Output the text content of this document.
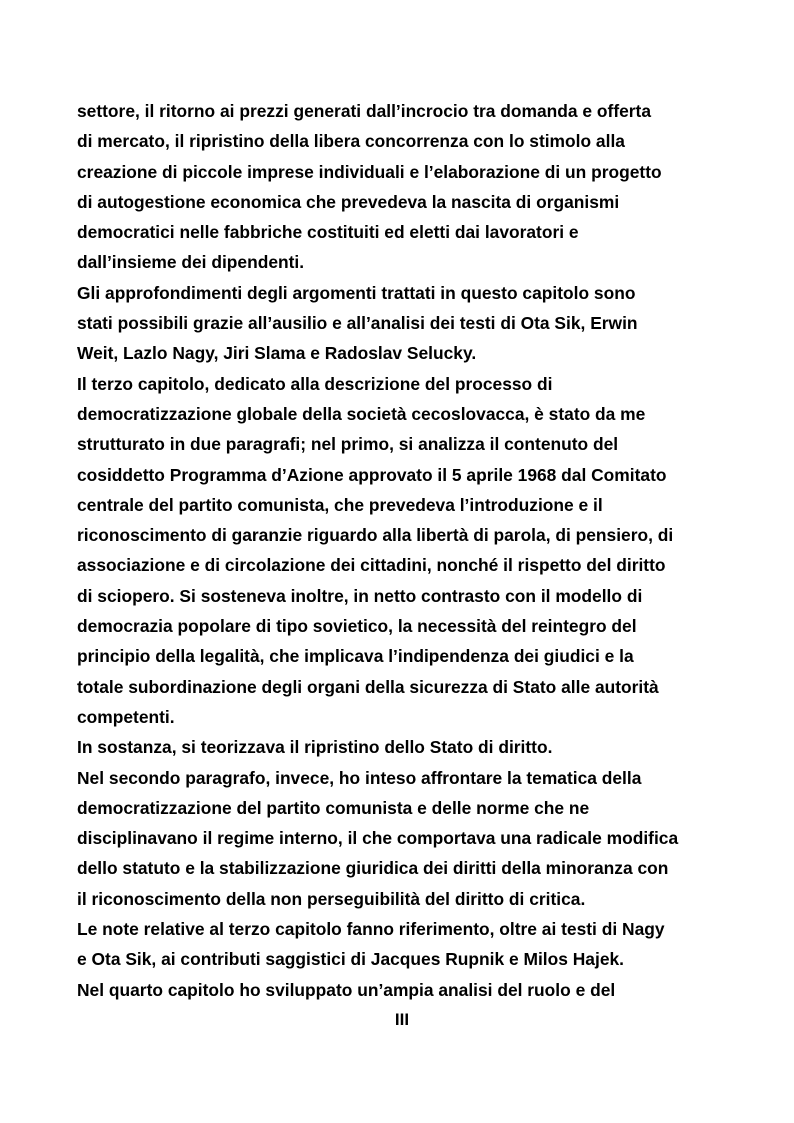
settore, il ritorno ai prezzi generati dall’incrocio tra domanda e offerta
di mercato, il ripristino della libera concorrenza con lo stimolo alla
creazione di piccole imprese individuali e l’elaborazione di un progetto
di autogestione economica che prevedeva la nascita di organismi
democratici nelle fabbriche costituiti ed eletti dai lavoratori e
dall’insieme dei dipendenti.
Gli approfondimenti degli argomenti trattati in questo capitolo sono
stati possibili grazie all’ausilio e all’analisi dei testi di Ota Sik, Erwin
Weit, Lazlo Nagy, Jiri Slama e Radoslav Selucky.
Il terzo capitolo, dedicato alla descrizione del processo di
democratizzazione globale della società cecoslovacca, è stato da me
strutturato in due paragrafi; nel primo, si analizza il contenuto del
cosiddetto Programma d’Azione approvato il 5 aprile 1968 dal Comitato
centrale del partito comunista, che prevedeva l’introduzione e il
riconoscimento di garanzie riguardo alla libertà di parola, di pensiero, di
associazione e di circolazione dei cittadini, nonché il rispetto del diritto
di sciopero. Si sosteneva inoltre, in netto contrasto con il modello di
democrazia popolare di tipo sovietico, la necessità del reintegro del
principio della legalità, che implicava l’indipendenza dei giudici e la
totale subordinazione degli organi della sicurezza di Stato alle autorità
competenti.
In sostanza, si teorizzava il ripristino dello Stato di diritto.
Nel secondo paragrafo, invece, ho inteso affrontare la tematica della
democratizzazione del partito comunista e delle norme che ne
disciplinavano il regime interno, il che comportava una radicale modifica
dello statuto e la stabilizzazione giuridica dei diritti della minoranza con
il riconoscimento della non perseguibilità del diritto di critica.
Le note relative al terzo capitolo fanno riferimento, oltre ai testi di Nagy
e Ota Sik, ai contributi saggistici di Jacques Rupnik e Milos Hajek.
Nel quarto capitolo ho sviluppato un’ampia analisi del ruolo e del
III
